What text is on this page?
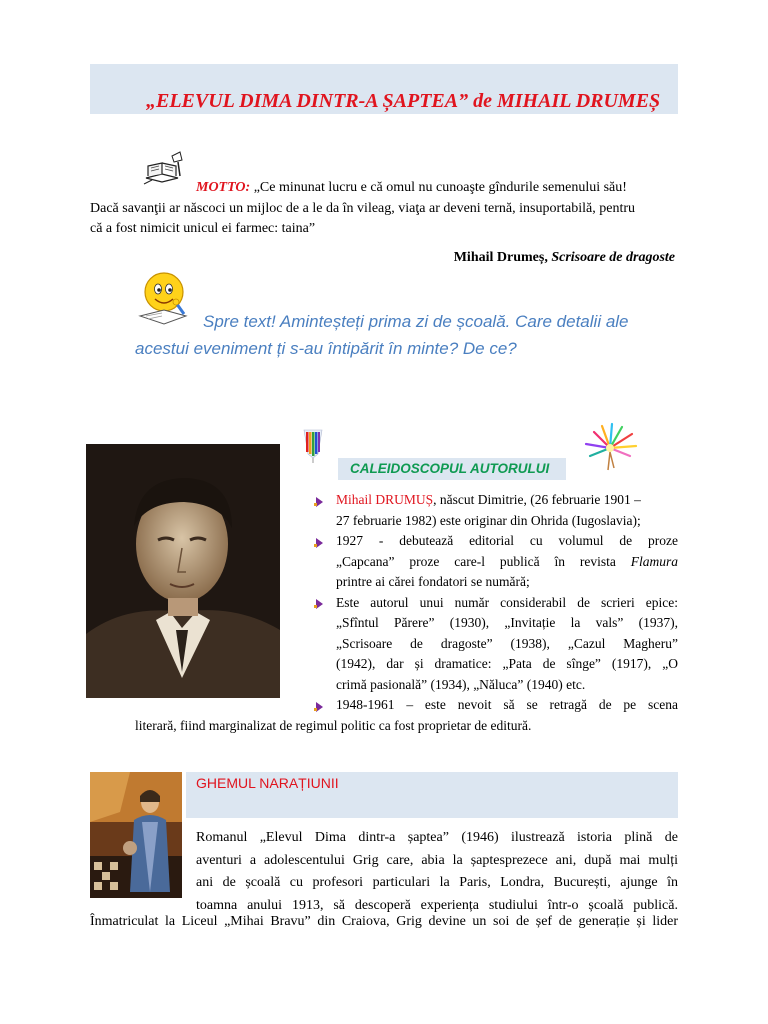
„ELEVUL DIMA DINTR-A ȘAPTEA” de MIHAIL DRUMEȘ
MOTTO: „Ce minunat lucru e că omul nu cunoaşte gîndurile semenului său!
Dacă savanţii ar născoci un mijloc de a le da în vileag, viaţa ar deveni ternă, insuportabilă, pentru
că a fost nimicit unicul ei farmec: taina”
Mihail Drumeș, Scrisoare de dragoste
Spre text! Aminteșteți prima zi de școală. Care detalii ale
acestui eveniment ți s-au întipărit în minte? De ce?
CALEIDOSCOPUL AUTORULUI
Mihail DRUMUȘ, născut Dimitrie, (26 februarie 1901 –
27 februarie 1982) este originar din Ohrida (Iugoslavia);
1927 - debutează editorial cu volumul de proze
„Capcana” proze care-l publică în revista Flamura
printre ai cărei fondatori se numără;
Este autorul unui număr considerabil de scrieri epice:
„Sfîntul Părere” (1930), „Invitație la vals” (1937),
„Scrisoare de dragoste” (1938), „Cazul Magheru”
(1942), dar și dramatice: „Pata de sînge” (1917), „O
crimă pasională” (1934), „Năluca” (1940) etc.
1948-1961 – este nevoit să se retragă de pe scena
literară, fiind marginalizat de regimul politic ca fost proprietar de editură.
GHEMUL NARAȚIUNII
Romanul „Elevul Dima dintr-a șaptea” (1946) ilustrează istoria plină de
aventuri a adolescentului Grig care, abia la șaptesprezece ani, după mai mulți
ani de școală cu profesori particulari la Paris, Londra, București, ajunge în
toamna anului 1913, să descoperă experiența studiului într-o școală publică.
Înmatriculat la Liceul „Mihai Bravu” din Craiova, Grig devine un soi de șef de generație și lider
